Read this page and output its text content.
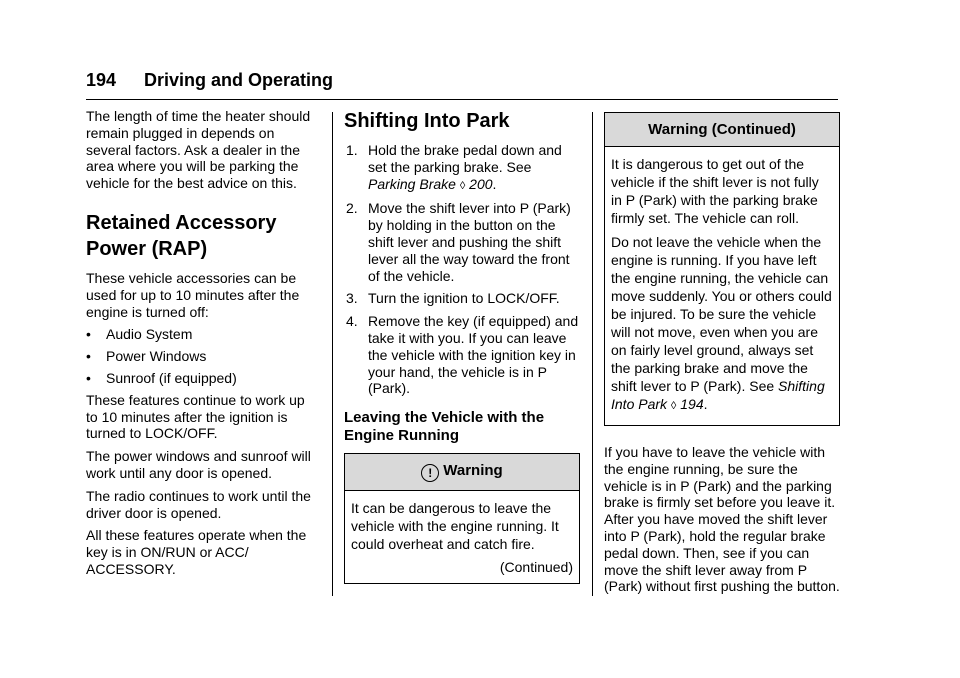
194 Driving and Operating

The length of time the heater should remain plugged in depends on several factors. Ask a dealer in the area where you will be parking the vehicle for the best advice on this.

Retained Accessory
Power (RAP)

These vehicle accessories can be used for up to 10 minutes after the engine is turned off:

•	Audio System
•	Power Windows
•	Sunroof (if equipped)

These features continue to work up to 10 minutes after the ignition is turned to LOCK/OFF.

The power windows and sunroof will work until any door is opened.

The radio continues to work until the driver door is opened.

All these features operate when the key is in ON/RUN or ACC/ ACCESSORY.

Shifting Into Park
1. Hold the brake pedal down and set the parking brake. See Parking Brake ◊ 200.
2. Move the shift lever into P (Park) by holding in the button on the shift lever and pushing the shift lever all the way toward the front of the vehicle.
3. Turn the ignition to LOCK/OFF.
4. Remove the key (if equipped) and take it with you. If you can leave the vehicle with the ignition key in your hand, the vehicle is in P (Park).
Leaving the Vehicle with the
Engine Running
! Warning

It can be dangerous to leave the vehicle with the engine running. It could overheat and catch fire.

(Continued)
Warning (Continued)

It is dangerous to get out of the vehicle if the shift lever is not fully in P (Park) with the parking brake firmly set. The vehicle can roll.

Do not leave the vehicle when the engine is running. If you have left the engine running, the vehicle can move suddenly. You or others could be injured. To be sure the vehicle will not move, even when you are on fairly level ground, always set the parking brake and move the shift lever to P (Park). See Shifting Into Park ◊ 194.

If you have to leave the vehicle with the engine running, be sure the vehicle is in P (Park) and the parking brake is firmly set before you leave it. After you have moved the shift lever into P (Park), hold the regular brake pedal down. Then, see if you can move the shift lever away from P (Park) without first pushing the button.
